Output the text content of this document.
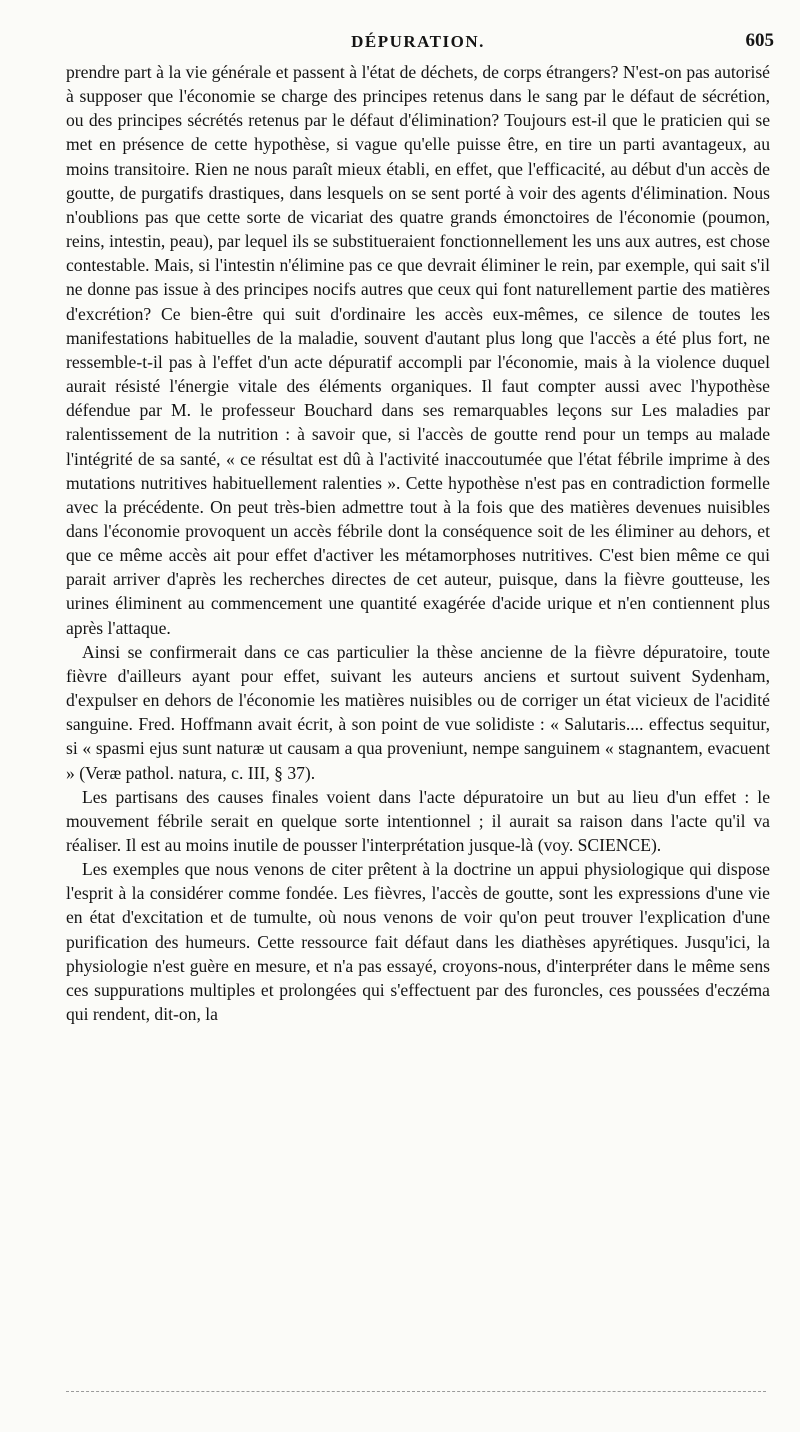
DÉPURATION.	605

prendre part à la vie générale et passent à l'état de déchets, de corps étrangers? N'est-on pas autorisé à supposer que l'économie se charge des principes retenus dans le sang par le défaut de sécrétion, ou des principes sécrétés retenus par le défaut d'élimination? Toujours est-il que le praticien qui se met en présence de cette hypothèse, si vague qu'elle puisse être, en tire un parti avantageux, au moins transitoire. Rien ne nous paraît mieux établi, en effet, que l'efficacité, au début d'un accès de goutte, de purgatifs drastiques, dans lesquels on se sent porté à voir des agents d'élimination. Nous n'oublions pas que cette sorte de vicariat des quatre grands émonctoires de l'économie (poumon, reins, intestin, peau), par lequel ils se substitueraient fonctionnellement les uns aux autres, est chose contestable. Mais, si l'intestin n'élimine pas ce que devrait éliminer le rein, par exemple, qui sait s'il ne donne pas issue à des principes nocifs autres que ceux qui font naturellement partie des matières d'excrétion? Ce bien-être qui suit d'ordinaire les accès eux-mêmes, ce silence de toutes les manifestations habituelles de la maladie, souvent d'autant plus long que l'accès a été plus fort, ne ressemble-t-il pas à l'effet d'un acte dépuratif accompli par l'économie, mais à la violence duquel aurait résisté l'énergie vitale des éléments organiques. Il faut compter aussi avec l'hypothèse défendue par M. le professeur Bouchard dans ses remarquables leçons sur Les maladies par ralentissement de la nutrition : à savoir que, si l'accès de goutte rend pour un temps au malade l'intégrité de sa santé, « ce résultat est dû à l'activité inaccoutumée que l'état fébrile imprime à des mutations nutritives habituellement ralenties ». Cette hypothèse n'est pas en contradiction formelle avec la précédente. On peut très-bien admettre tout à la fois que des matières devenues nuisibles dans l'économie provoquent un accès fébrile dont la conséquence soit de les éliminer au dehors, et que ce même accès ait pour effet d'activer les métamorphoses nutritives. C'est bien même ce qui parait arriver d'après les recherches directes de cet auteur, puisque, dans la fièvre goutteuse, les urines éliminent au commencement une quantité exagérée d'acide urique et n'en contiennent plus après l'attaque.

Ainsi se confirmerait dans ce cas particulier la thèse ancienne de la fièvre dépuratoire, toute fièvre d'ailleurs ayant pour effet, suivant les auteurs anciens et surtout suivent Sydenham, d'expulser en dehors de l'économie les matières nuisibles ou de corriger un état vicieux de l'acidité sanguine. Fred. Hoffmann avait écrit, à son point de vue solidiste : « Salutaris.... effectus sequitur, si « spasmi ejus sunt naturæ ut causam a qua proveniunt, nempe sanguinem « stagnantem, evacuent » (Veræ pathol. natura, c. III, § 37).

Les partisans des causes finales voient dans l'acte dépuratoire un but au lieu d'un effet : le mouvement fébrile serait en quelque sorte intentionnel ; il aurait sa raison dans l'acte qu'il va réaliser. Il est au moins inutile de pousser l'interprétation jusque-là (voy. SCIENCE).

Les exemples que nous venons de citer prêtent à la doctrine un appui physiologique qui dispose l'esprit à la considérer comme fondée. Les fièvres, l'accès de goutte, sont les expressions d'une vie en état d'excitation et de tumulte, où nous venons de voir qu'on peut trouver l'explication d'une purification des humeurs. Cette ressource fait défaut dans les diathèses apyrétiques. Jusqu'ici, la physiologie n'est guère en mesure, et n'a pas essayé, croyons-nous, d'interpréter dans le même sens ces suppurations multiples et prolongées qui s'effectuent par des furoncles, ces poussées d'eczéma qui rendent, dit-on, la
